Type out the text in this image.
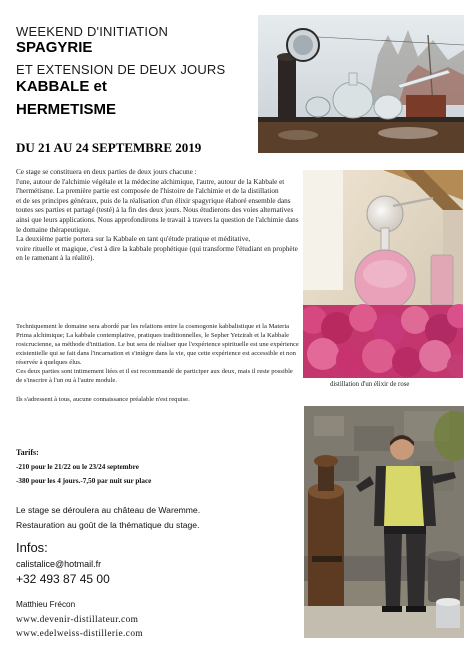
WEEKEND D'INITIATION
SPAGYRIE
ET EXTENSION DE DEUX JOURS
KABBALE et
HERMETISME
DU 21 AU 24 SEPTEMBRE 2019

Ce stage se constituera en deux parties de deux jours chacune :

l'une, autour de l'alchimie végétale et la médecine alchimique, l'autre, autour de la Kabbale et l'hermétisme. La première partie est composée de l'histoire de l'alchimie et de la distillation

et de ses principes généraux, puis de la réalisation d'un élixir spagyrique élaboré ensemble dans toutes ses parties et partagé (testé) à la fin des deux jours. Nous étudierons des voies alternatives ainsi que leurs applications. Nous approfondirons le travail à travers la question de l'alchimie dans le domaine thérapeutique.

La deuxième partie portera sur la Kabbale en tant qu'étude pratique et méditative,

voire rituelle et magique, c'est à dire la kabbale prophétique (qui transforme l'étudiant en prophète en le ramenant à la réalité).

Techniquement le domaine sera abordé par les relations entre la cosmogonie kabbalistique et la Materia Prima alchimique; La kabbale contemplative, pratiques traditionnelles, le Sepher Yetzirah et la Kabbale rosicrucienne, sa méthode d'initiation. Le but sera de réaliser que l'expérience spirituelle est une expérience existentielle qui se fait dans l'incarnation et s'intègre dans la vie, que cette expérience est accessible et non réservée à quelques élus.

Ces deux parties sont intimement liées et il est recommandé de participer aux deux, mais il reste possible de s'inscrire à l'un ou à l'autre module.

Ils s'adressent à tous, aucune connaissance préalable n'est requise.

Tarifs:
-210 pour le 21/22 ou le 23/24 septembre
-380 pour les 4 jours.-7,50 par nuit sur place
Le stage se déroulera au château de Waremme.
Restauration au goût de la thématique du stage.
Infos:
calistalice@hotmail.fr
+32 493 87 45 00
Matthieu Frécon
www.devenir-distillateur.com
www.edelweiss-distillerie.com
distillation d'un élixir de rose
